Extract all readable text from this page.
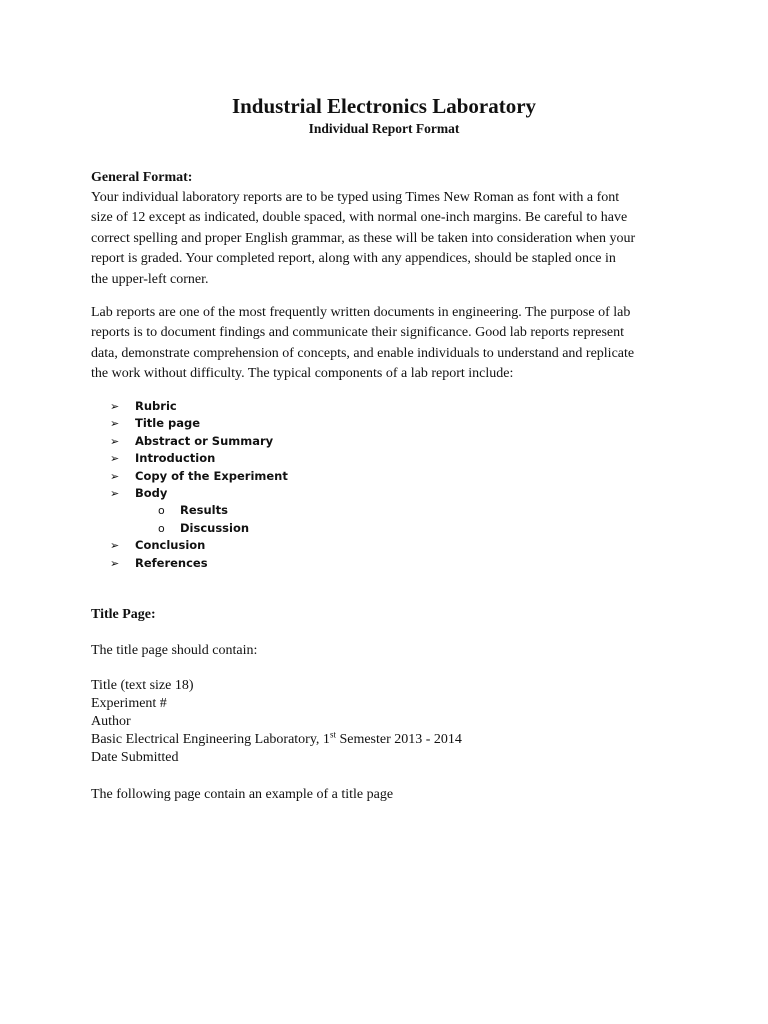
Industrial Electronics Laboratory
Individual Report Format
General Format:

Your individual laboratory reports are to be typed using Times New Roman as font with a font
size of 12 except as indicated, double spaced, with normal one-inch margins. Be careful to have
correct spelling and proper English grammar, as these will be taken into consideration when your
report is graded. Your completed report, along with any appendices, should be stapled once in
the upper-left corner.

Lab reports are one of the most frequently written documents in engineering. The purpose of lab
reports is to document findings and communicate their significance. Good lab reports represent
data, demonstrate comprehension of concepts, and enable individuals to understand and replicate
the work without difficulty. The typical components of a lab report include:

➢ Rubric
➢ Title page
➢ Abstract or Summary
➢ Introduction
➢ Copy of the Experiment
➢ Body
o Results
o Discussion
➢ Conclusion
➢ References
Title Page:
The title page should contain:
Title (text size 18)
Experiment #
Author
Basic Electrical Engineering Laboratory, 1st Semester 2013 - 2014
Date Submitted
The following page contain an example of a title page
